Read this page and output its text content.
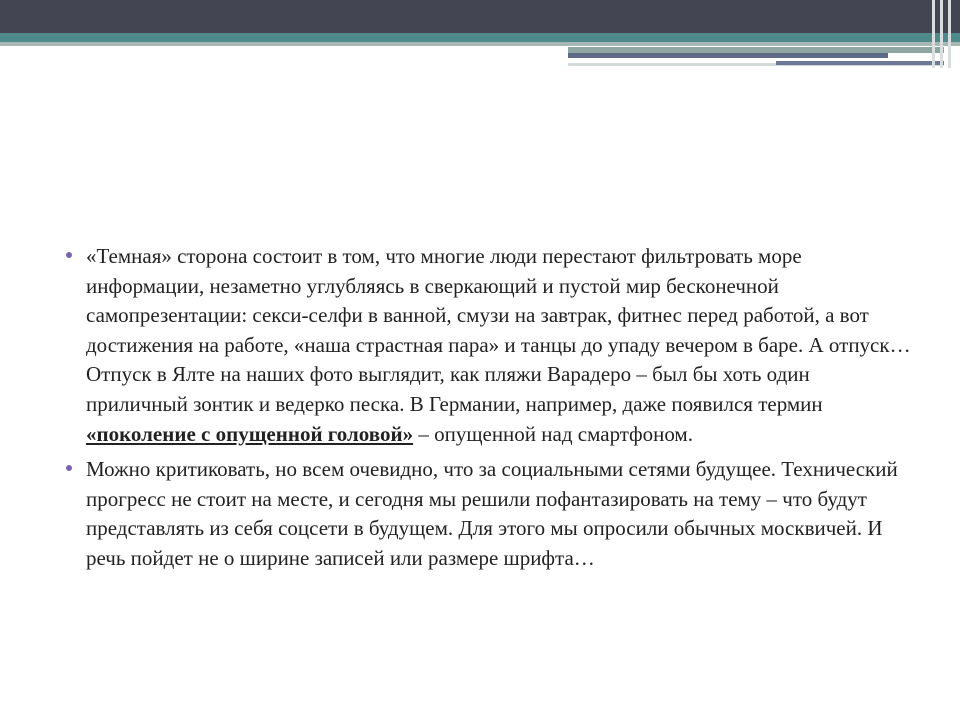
«Темная» сторона состоит в том, что многие люди перестают фильтровать море информации, незаметно углубляясь в сверкающий и пустой мир бесконечной самопрезентации: секси-селфи в ванной, смузи на завтрак, фитнес перед работой, а вот достижения на работе, «наша страстная пара» и танцы до упаду вечером в баре. А отпуск… Отпуск в Ялте на наших фото выглядит, как пляжи Варадеро – был бы хоть один приличный зонтик и ведерко песка. В Германии, например, даже появился термин «поколение с опущенной головой» – опущенной над смартфоном.
Можно критиковать, но всем очевидно, что за социальными сетями будущее. Технический прогресс не стоит на месте, и сегодня мы решили пофантазировать на тему – что будут представлять из себя соцсети в будущем. Для этого мы опросили обычных москвичей. И речь пойдет не о ширине записей или размере шрифта…
